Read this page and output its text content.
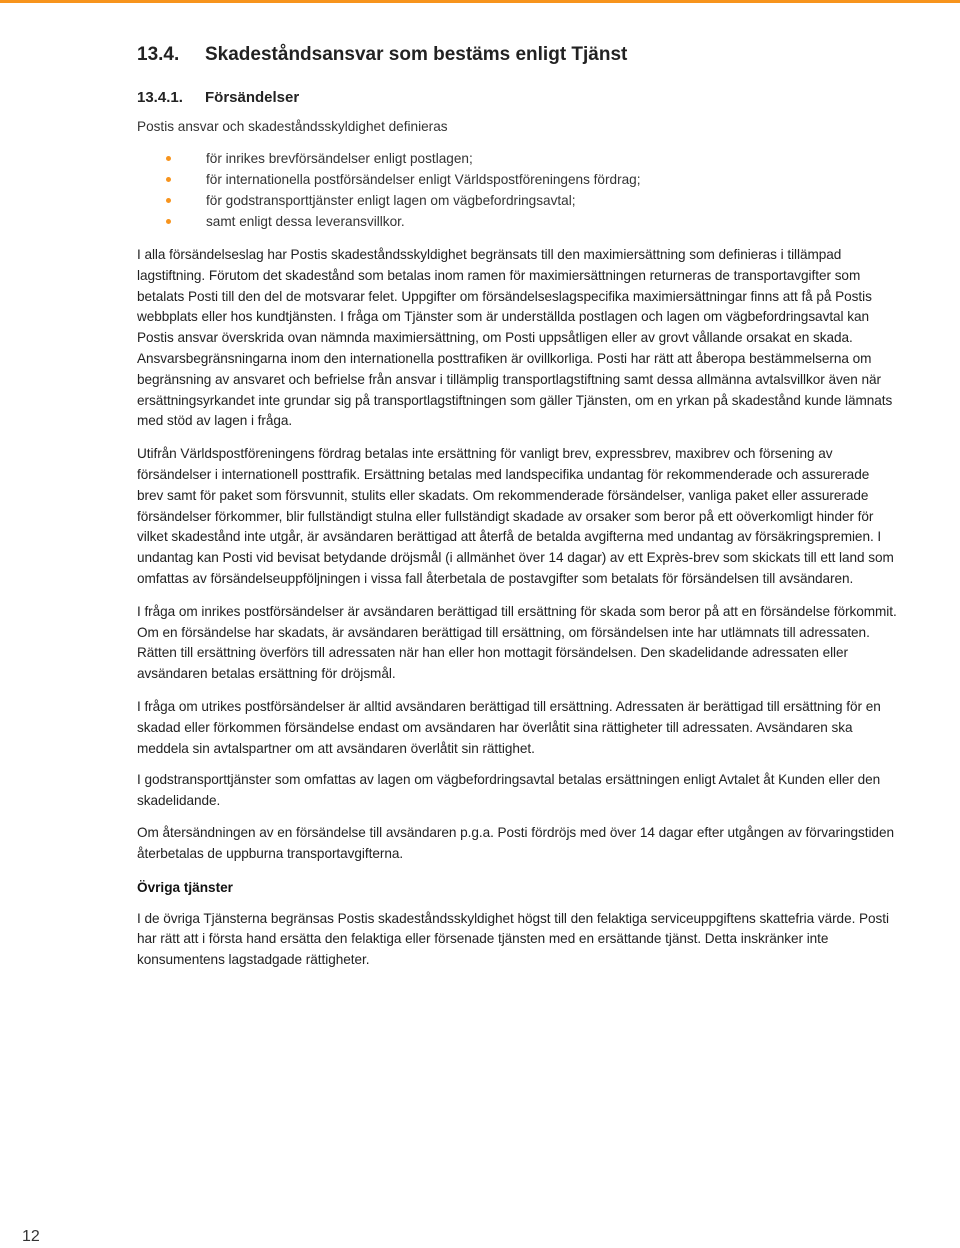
13.4. Skadeståndsansvar som bestäms enligt Tjänst
13.4.1. Försändelser

Postis ansvar och skadeståndsskyldighet definieras

för inrikes brevförsändelser enligt postlagen;
för internationella postförsändelser enligt Världspostföreningens fördrag;
för godstransporttjänster enligt lagen om vägbefordringsavtal;
samt enligt dessa leveransvillkor.

I alla försändelseslag har Postis skadeståndsskyldighet begränsats till den maximiersättning som definieras i tillämpad lagstiftning. Förutom det skadestånd som betalas inom ramen för maximiersättningen returneras de transportavgifter som betalats Posti till den del de motsvarar felet. Uppgifter om försändelseslagspecifika maximiersättningar finns att få på Postis webbplats eller hos kundtjänsten. I fråga om Tjänster som är underställda postlagen och lagen om vägbefordringsavtal kan Postis ansvar överskrida ovan nämnda maximiersättning, om Posti uppsåtligen eller av grovt vållande orsakat en skada. Ansvarsbegränsningarna inom den internationella posttrafiken är ovillkorliga. Posti har rätt att åberopa bestämmelserna om begränsning av ansvaret och befrielse från ansvar i tillämplig transportlagstiftning samt dessa allmänna avtalsvillkor även när ersättningsyrkandet inte grundar sig på transportlagstiftningen som gäller Tjänsten, om en yrkan på skadestånd kunde lämnats med stöd av lagen i fråga.

Utifrån Världspostföreningens fördrag betalas inte ersättning för vanligt brev, expressbrev, maxibrev och försening av försändelser i internationell posttrafik. Ersättning betalas med landspecifika undantag för rekommenderade och assurerade brev samt för paket som försvunnit, stulits eller skadats. Om rekommenderade försändelser, vanliga paket eller assurerade försändelser förkommer, blir fullständigt stulna eller fullständigt skadade av orsaker som beror på ett oöverkomligt hinder för vilket skadestånd inte utgår, är avsändaren berättigad att återfå de betalda avgifterna med undantag av försäkringspremien. I undantag kan Posti vid bevisat betydande dröjsmål (i allmänhet över 14 dagar) av ett Exprès-brev som skickats till ett land som omfattas av försändelseuppföljningen i vissa fall återbetala de postavgifter som betalats för försändelsen till avsändaren.

I fråga om inrikes postförsändelser är avsändaren berättigad till ersättning för skada som beror på att en försändelse förkommit. Om en försändelse har skadats, är avsändaren berättigad till ersättning, om försändelsen inte har utlämnats till adressaten. Rätten till ersättning överförs till adressaten när han eller hon mottagit försändelsen. Den skadelidande adressaten eller avsändaren betalas ersättning för dröjsmål.

I fråga om utrikes postförsändelser är alltid avsändaren berättigad till ersättning. Adressaten är berättigad till ersättning för en skadad eller förkommen försändelse endast om avsändaren har överlåtit sina rättigheter till adressaten. Avsändaren ska meddela sin avtalspartner om att avsändaren överlåtit sin rättighet.

I godstransporttjänster som omfattas av lagen om vägbefordringsavtal betalas ersättningen enligt Avtalet åt Kunden eller den skadelidande.

Om återsändningen av en försändelse till avsändaren p.g.a. Posti fördröjs med över 14 dagar efter utgången av förvaringstiden återbetalas de uppburna transportavgifterna.

Övriga tjänster

I de övriga Tjänsterna begränsas Postis skadeståndsskyldighet högst till den felaktiga serviceuppgiftens skattefria värde. Posti har rätt att i första hand ersätta den felaktiga eller försenade tjänsten med en ersättande tjänst. Detta inskränker inte konsumentens lagstadgade rättigheter.

12
